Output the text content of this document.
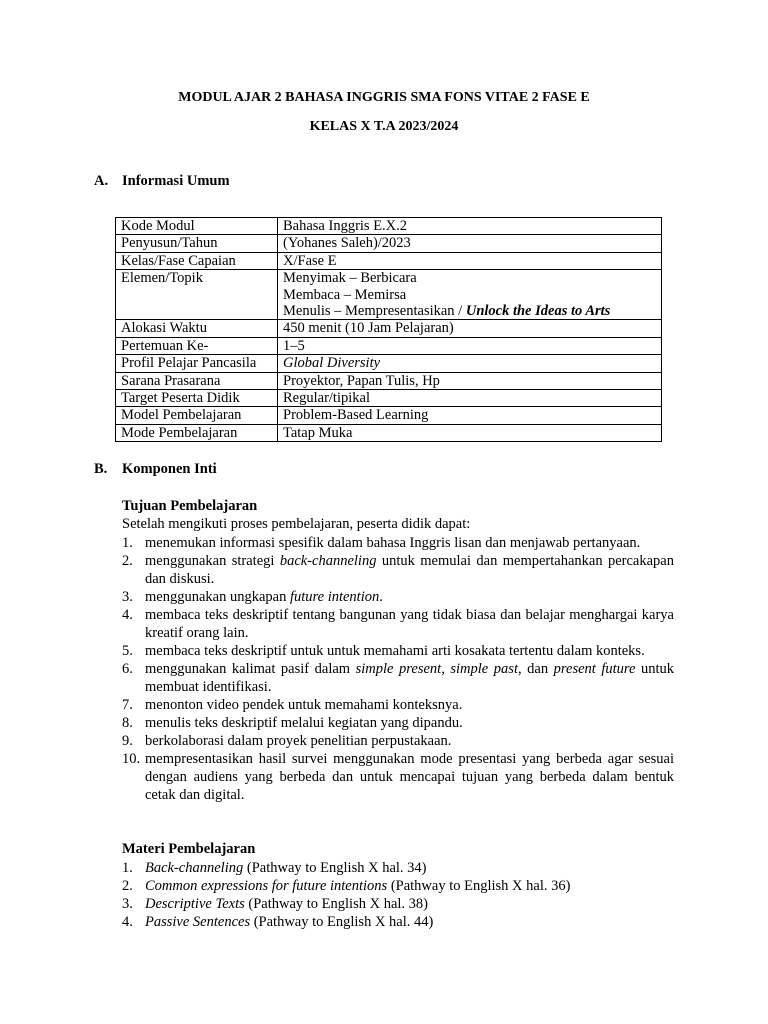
MODUL AJAR 2 BAHASA INGGRIS SMA FONS VITAE 2 FASE E
KELAS X T.A 2023/2024
A. Informasi Umum
Kode Modul	Bahasa Inggris E.X.2
Penyusun/Tahun	(Yohanes Saleh)/2023
Kelas/Fase Capaian	X/Fase E
Elemen/Topik	Menyimak – Berbicara
Membaca – Memirsa
Menulis – Mempresentasikan / Unlock the Ideas to Arts

Alokasi Waktu	450 menit (10 Jam Pelajaran)
Pertemuan Ke-	1–5
Profil Pelajar Pancasila	Global Diversity
Sarana Prasarana	Proyektor, Papan Tulis, Hp
Target Peserta Didik	Regular/tipikal
Model Pembelajaran	Problem-Based Learning
Mode Pembelajaran	Tatap Muka
B. Komponen Inti
Tujuan Pembelajaran
Setelah mengikuti proses pembelajaran, peserta didik dapat:
1. menemukan informasi spesifik dalam bahasa Inggris lisan dan menjawab pertanyaan.
2. menggunakan strategi back-channeling untuk memulai dan mempertahankan percakapan dan diskusi.
3. menggunakan ungkapan future intention.
4. membaca teks deskriptif tentang bangunan yang tidak biasa dan belajar menghargai karya kreatif orang lain.
5. membaca teks deskriptif untuk untuk memahami arti kosakata tertentu dalam konteks.
6. menggunakan kalimat pasif dalam simple present, simple past, dan present future untuk membuat identifikasi.
7. menonton video pendek untuk memahami konteksnya.
8. menulis teks deskriptif melalui kegiatan yang dipandu.
9. berkolaborasi dalam proyek penelitian perpustakaan.
10. mempresentasikan hasil survei menggunakan mode presentasi yang berbeda agar sesuai dengan audiens yang berbeda dan untuk mencapai tujuan yang berbeda dalam bentuk cetak dan digital.
Materi Pembelajaran
1. Back-channeling (Pathway to English X hal. 34)
2. Common expressions for future intentions (Pathway to English X hal. 36)
3. Descriptive Texts (Pathway to English X hal. 38)
4. Passive Sentences (Pathway to English X hal. 44)
